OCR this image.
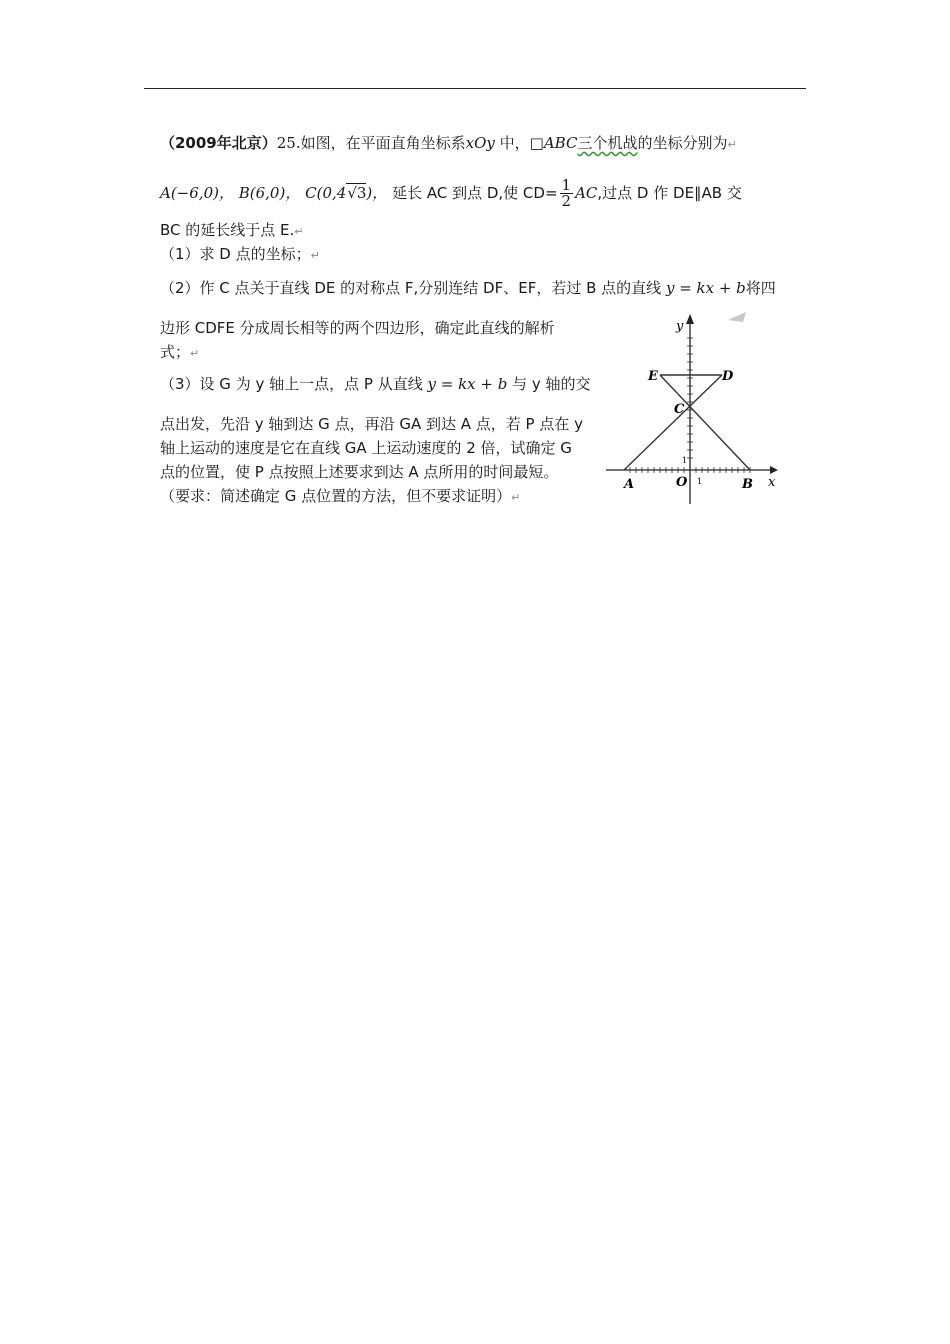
（2009年北京）25.如图，在平面直角坐标系xOy 中，□ABC三个机战的坐标分别为↵
A(−6,0)， B(6,0)， C(0,4√3)， 延长 AC 到点 D,使 $CD= \frac{1}{2}$ AC,过点 D 作 DE∥AB 交
BC 的延长线于点 E.↵
（1）求 D 点的坐标；↵
（2）作 C 点关于直线 DE 的对称点 F,分别连结 DF、EF，若过 B 点的直线 y = kx + b将四
边形 CDFE 分成周长相等的两个四边形，确定此直线的解析
式；↵
（3）设 G 为 y 轴上一点，点 P 从直线 y = kx + b 与 y 轴的交
点出发，先沿 y 轴到达 G 点，再沿 GA 到达 A 点，若 P 点在 y
轴上运动的速度是它在直线 GA 上运动速度的 2 倍，试确定 G
点的位置，使 P 点按照上述要求到达 A 点所用的时间最短。
（要求：简述确定 G 点位置的方法，但不要求证明）↵
y
x
E	D
C
A	O	B
1
1
